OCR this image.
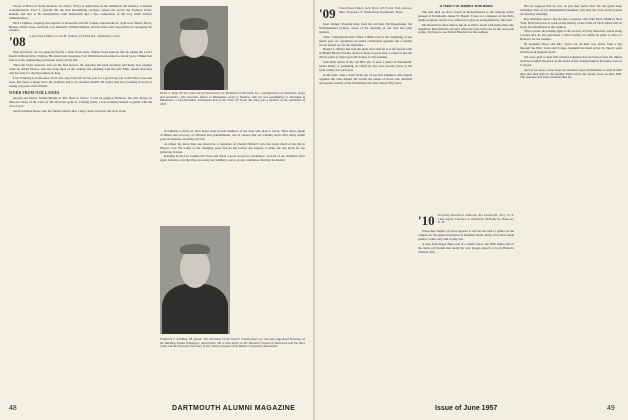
Social of Horse in North Andover, he writes: "Forty is eight times in the definition and mastery of ancient contemporaries. Fred S. Lincoln '08, the best hard-hitting 'pardner,' joined the Lord's the Trumpet board. Rankin, and also at the headquarters both Dartmouth and a fine comparison of the very small distinct administration."

Dick Leighton, stepping the regulars to Rosenthal and Mr Lauper representatives, right now: Benny Berry, Burton, Walter Goss, Gerhardt, Lee Kenneth, William Shmurz, and the men went responsible for arranging the reunion.

'08 Class Notes Editor, Lewis H. Ackley, 52 Fuller Rd., Waterbury, Conn.

Men and more. As we expected briefly a letter from some, Walker lived General that he joined the Lord's Ranch in Berrysville, Virginia. His friend and classmate Fred Walsh has been retired to recent years. Walker had followed the engineering profession nearly all his life.

Since the Class treasurer sent out the first notices, the response has been excellent and many new pledges came in. Albert Halsey, who has done most of the visiting and planning with his wife Ellie, reports that they will be ready for the big reunion in June.

Fred Schilling is in the news. Fred who says Fred left us last year for a good long trip to the West Coast and back, has been at home since the holidays and is in excellent health. He writes that he is looking forward to seeing everyone at the fiftieth.

WORD FROM OUR LADIES

Always our friend, Norma Marsh, in 302, Noel Jr. writes: "I will be going to Hanover, but will always be there for many of the Class of '08 who have gone to a lasting home. I was fortunate indeed to gather with the rest of you."

And from Bess Beese who has finally retired after a long career in social and civic work.

Victor L. King '07 has come out of retirement to be President of Deermilk, Inc., manufacturers of chemicals, drugs and synthetics, with executive offices in Manhattan, plant in Nashua, with his own grandfather, is President of Manhattan, a Vice-President, Dartmouth and of the Class '07 Fund. Mr. King was a member of the committee of 1907.

In addition to Fred, we have heard from several members of the class who plan to return. Their letters speak of illness and recovery, of children and grandchildren, and of careers that are winding down after many useful years in business, teaching and law.

At dinner the more than one should be a classmate of Charlie Herbert's who has spent much of his life in Mexico City. He writes of the changing years that he has retired and expects to make the trip north for our gathering in June.

Ranking in the last column the Class still holds a good record for attendance. Several of our members have again written to say that they are ready and willing to serve on any committee that may be needed.

Frederick T. Schilling '08, former Vice President of the Carrier Construction Co., has been appointed Secretary of the Building Trades Employers' Association. He is also active in the National Council of Steelwork and the Boys Club, and the Executive Secretary of the Citizens League of the Master Carpenters Association.
48	DARTMOUTH ALUMNI MAGAZINE
'09 Class Notes Editor, Jack Tyler, 147 Forest Trail, Aurora, Ohio. Treasurer, F. Sunderland, Dartmouth, Mass.

Dear Johnny: Pleasant lines from the old man. Mr Rosenbaum, the Schistleibuster (Class), wrote of the morning of our first and only reunion.

What a Dartmouth man! When I think back to the beginning of our junior year, we organized our entire countryside quartets and a roaring crowd turned out for the festivities.

Harold C. Barber has sent the great news that he is at the Ocean Club in Miami Beach, Florida, and now feels so good after a winter in the sun that he plans to drive up north in June for the reunion.

Sam Rich writes of his son Bill who is now a junior at Dartmouth. Sam's hobby is gardening, in which he has won several prizes at the local county fair each year.

In the mail came a letter from one of our first members who helped organize the class dinner. He recalls the names of those who attended and speaks warmly of the friendships that have lasted fifty years.

It Wasn't All Athletics With Bouch

The best men we have found in Massachusetts is the lifelong music pioneer of Dartmouth, James W. Bouch. It was as a composer of the Delta Alpha program, and he was called on to play an arrangement for the band.

Mr. Bouch has since retired, but he is still in touch with many men who remember him from the old days when the Glee Club was on the road each spring. We hope to see him in Hanover for the reunion.

'10 Secretary, Russell A. Sanborn, 501 Cannon Pl., Troy, N. Y. Class Agent, Clarence G. McDavitt, 99 Bank St., Hanover, N. H.

When this chapter of news appears it will be our turn to gather on the campus for the annual festivities of Reunion Week. Many of us have made plans to come early and to stay late.

A note from Roger Hale tells of a winter trip to the West Indies and of the many old friends met along the way. Roger expects to be in Hanover with his wife.

But we suppose that by now as you may notice how the old guard keep returning. One of our distinguished members will lead the Class in the parade on Saturday morning.

Ray Sherman reports that he had a surprise visit from Herb Smith in New York. Herb has been at work on the history of the Class of 1910 which will be ready for distribution at the reunion.

Tyler Cotton, the leading light of the Society of Early Motorists, sends along a notice that he has purchased a 1912 touring car which he plans to drive to Hanover for the reunion.

Dr Kenneth Wood and Mrs. Wood are on their way home from a trip through the Holy Land and Europe. Kenneth has been active in church work and the local hospital board.

We were glad to hear that Charles Langdon has recovered from his illness and has resumed his place on the board of the savings bank in his home town of Concord.

And as we close, a note from our treasurer urges all members to send in their dues and their gifts to the Alumni Fund before the books close on June 30th. The response has been excellent thus far.

Issue of June 1957	49
